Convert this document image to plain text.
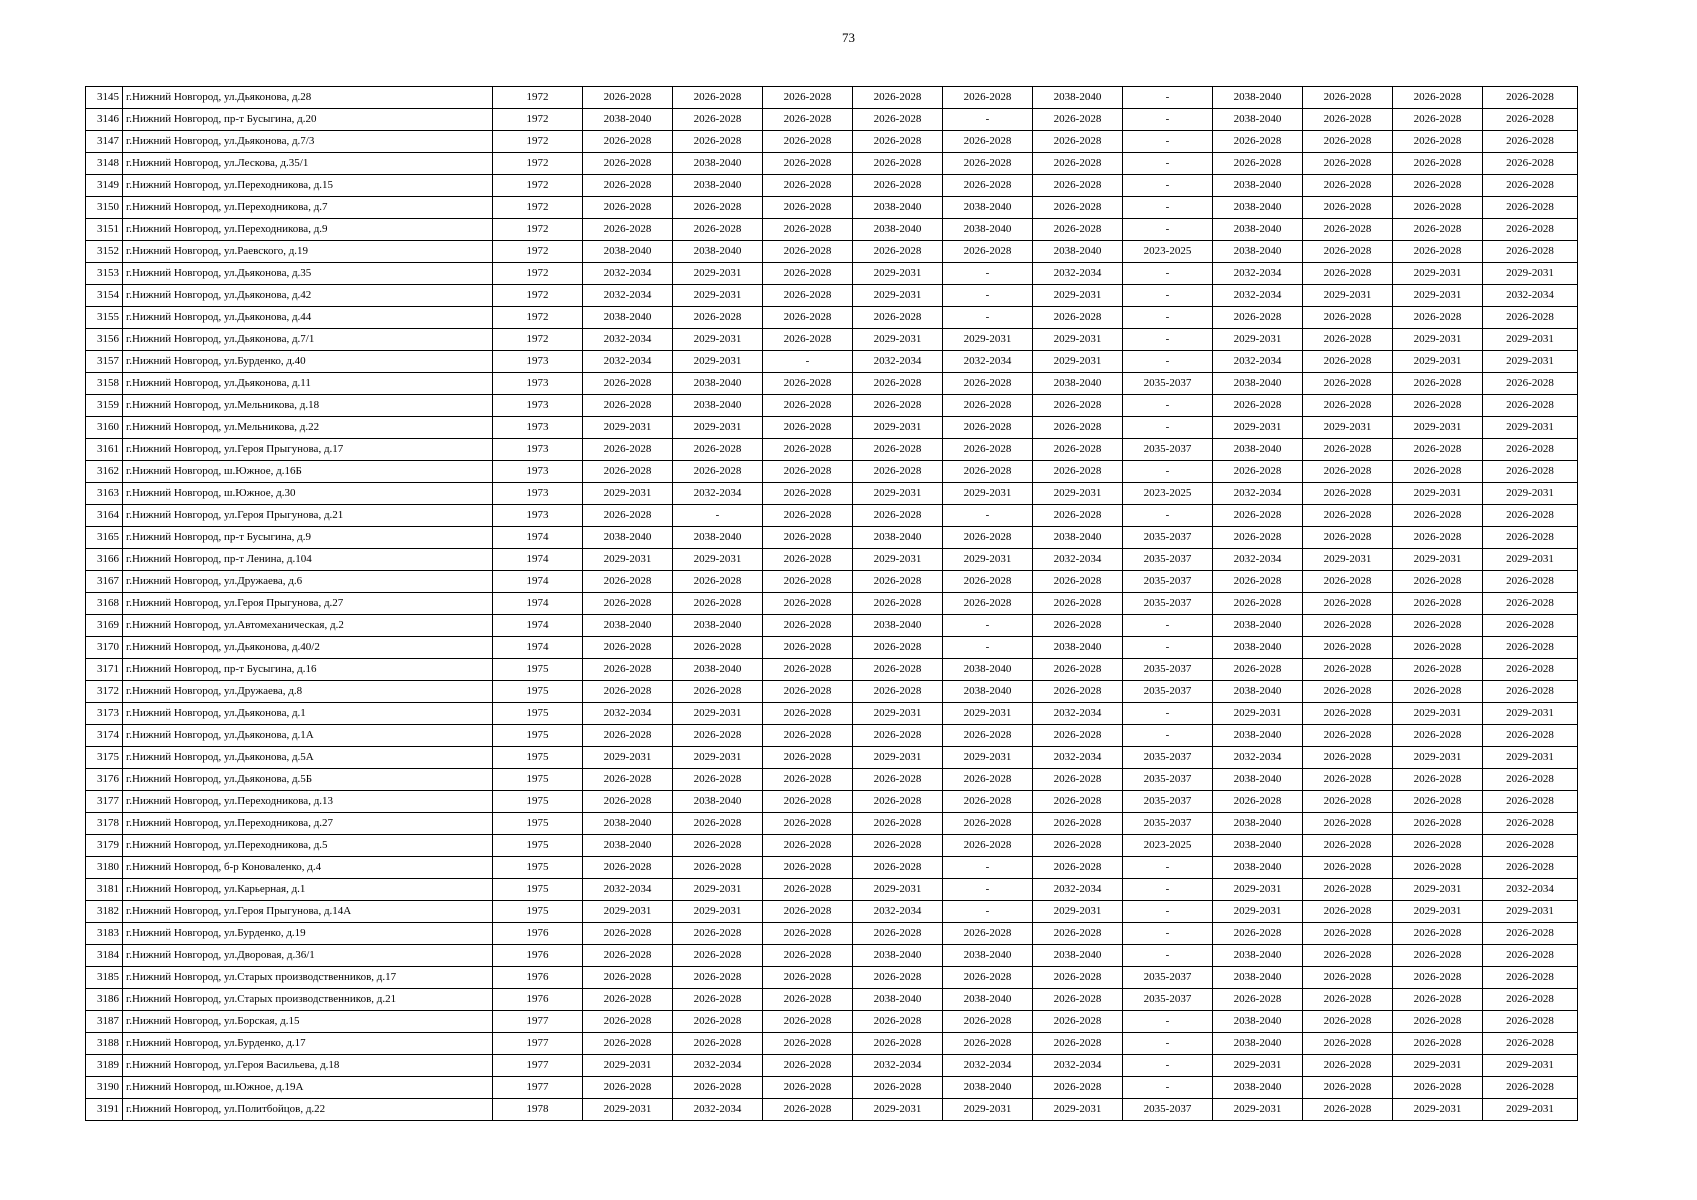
73
3145	г.Нижний Новгород, ул.Дьяконова, д.28	1972	2026-2028	2026-2028	2026-2028	2026-2028	2026-2028	2038-2040	-	2038-2040	2026-2028	2026-2028	2026-2028
3146	г.Нижний Новгород, пр-т Бусыгина, д.20	1972	2038-2040	2026-2028	2026-2028	2026-2028	-	2026-2028	-	2038-2040	2026-2028	2026-2028	2026-2028
3147	г.Нижний Новгород, ул.Дьяконова, д.7/3	1972	2026-2028	2026-2028	2026-2028	2026-2028	2026-2028	2026-2028	-	2026-2028	2026-2028	2026-2028	2026-2028
3148	г.Нижний Новгород, ул.Лескова, д.35/1	1972	2026-2028	2038-2040	2026-2028	2026-2028	2026-2028	2026-2028	-	2026-2028	2026-2028	2026-2028	2026-2028
3149	г.Нижний Новгород, ул.Переходникова, д.15	1972	2026-2028	2038-2040	2026-2028	2026-2028	2026-2028	2026-2028	-	2038-2040	2026-2028	2026-2028	2026-2028
3150	г.Нижний Новгород, ул.Переходникова, д.7	1972	2026-2028	2026-2028	2026-2028	2038-2040	2038-2040	2026-2028	-	2038-2040	2026-2028	2026-2028	2026-2028
3151	г.Нижний Новгород, ул.Переходникова, д.9	1972	2026-2028	2026-2028	2026-2028	2038-2040	2038-2040	2026-2028	-	2038-2040	2026-2028	2026-2028	2026-2028
3152	г.Нижний Новгород, ул.Раевского, д.19	1972	2038-2040	2038-2040	2026-2028	2026-2028	2026-2028	2038-2040	2023-2025	2038-2040	2026-2028	2026-2028	2026-2028
3153	г.Нижний Новгород, ул.Дьяконова, д.35	1972	2032-2034	2029-2031	2026-2028	2029-2031	-	2032-2034	-	2032-2034	2026-2028	2029-2031	2029-2031
3154	г.Нижний Новгород, ул.Дьяконова, д.42	1972	2032-2034	2029-2031	2026-2028	2029-2031	-	2029-2031	-	2032-2034	2029-2031	2029-2031	2032-2034
3155	г.Нижний Новгород, ул.Дьяконова, д.44	1972	2038-2040	2026-2028	2026-2028	2026-2028	-	2026-2028	-	2026-2028	2026-2028	2026-2028	2026-2028
3156	г.Нижний Новгород, ул.Дьяконова, д.7/1	1972	2032-2034	2029-2031	2026-2028	2029-2031	2029-2031	2029-2031	-	2029-2031	2026-2028	2029-2031	2029-2031
3157	г.Нижний Новгород, ул.Бурденко, д.40	1973	2032-2034	2029-2031	-	2032-2034	2032-2034	2029-2031	-	2032-2034	2026-2028	2029-2031	2029-2031
3158	г.Нижний Новгород, ул.Дьяконова, д.11	1973	2026-2028	2038-2040	2026-2028	2026-2028	2026-2028	2038-2040	2035-2037	2038-2040	2026-2028	2026-2028	2026-2028
3159	г.Нижний Новгород, ул.Мельникова, д.18	1973	2026-2028	2038-2040	2026-2028	2026-2028	2026-2028	2026-2028	-	2026-2028	2026-2028	2026-2028	2026-2028
3160	г.Нижний Новгород, ул.Мельникова, д.22	1973	2029-2031	2029-2031	2026-2028	2029-2031	2026-2028	2026-2028	-	2029-2031	2029-2031	2029-2031	2029-2031
3161	г.Нижний Новгород, ул.Героя Прыгунова, д.17	1973	2026-2028	2026-2028	2026-2028	2026-2028	2026-2028	2026-2028	2035-2037	2038-2040	2026-2028	2026-2028	2026-2028
3162	г.Нижний Новгород, ш.Южное, д.16Б	1973	2026-2028	2026-2028	2026-2028	2026-2028	2026-2028	2026-2028	-	2026-2028	2026-2028	2026-2028	2026-2028
3163	г.Нижний Новгород, ш.Южное, д.30	1973	2029-2031	2032-2034	2026-2028	2029-2031	2029-2031	2029-2031	2023-2025	2032-2034	2026-2028	2029-2031	2029-2031
3164	г.Нижний Новгород, ул.Героя Прыгунова, д.21	1973	2026-2028	-	2026-2028	2026-2028	-	2026-2028	-	2026-2028	2026-2028	2026-2028	2026-2028
3165	г.Нижний Новгород, пр-т Бусыгина, д.9	1974	2038-2040	2038-2040	2026-2028	2038-2040	2026-2028	2038-2040	2035-2037	2026-2028	2026-2028	2026-2028	2026-2028
3166	г.Нижний Новгород, пр-т Ленина, д.104	1974	2029-2031	2029-2031	2026-2028	2029-2031	2029-2031	2032-2034	2035-2037	2032-2034	2029-2031	2029-2031	2029-2031
3167	г.Нижний Новгород, ул.Дружаева, д.6	1974	2026-2028	2026-2028	2026-2028	2026-2028	2026-2028	2026-2028	2035-2037	2026-2028	2026-2028	2026-2028	2026-2028
3168	г.Нижний Новгород, ул.Героя Прыгунова, д.27	1974	2026-2028	2026-2028	2026-2028	2026-2028	2026-2028	2026-2028	2035-2037	2026-2028	2026-2028	2026-2028	2026-2028
3169	г.Нижний Новгород, ул.Автомеханическая, д.2	1974	2038-2040	2038-2040	2026-2028	2038-2040	-	2026-2028	-	2038-2040	2026-2028	2026-2028	2026-2028
3170	г.Нижний Новгород, ул.Дьяконова, д.40/2	1974	2026-2028	2026-2028	2026-2028	2026-2028	-	2038-2040	-	2038-2040	2026-2028	2026-2028	2026-2028
3171	г.Нижний Новгород, пр-т Бусыгина, д.16	1975	2026-2028	2038-2040	2026-2028	2026-2028	2038-2040	2026-2028	2035-2037	2026-2028	2026-2028	2026-2028	2026-2028
3172	г.Нижний Новгород, ул.Дружаева, д.8	1975	2026-2028	2026-2028	2026-2028	2026-2028	2038-2040	2026-2028	2035-2037	2038-2040	2026-2028	2026-2028	2026-2028
3173	г.Нижний Новгород, ул.Дьяконова, д.1	1975	2032-2034	2029-2031	2026-2028	2029-2031	2029-2031	2032-2034	-	2029-2031	2026-2028	2029-2031	2029-2031
3174	г.Нижний Новгород, ул.Дьяконова, д.1А	1975	2026-2028	2026-2028	2026-2028	2026-2028	2026-2028	2026-2028	-	2038-2040	2026-2028	2026-2028	2026-2028
3175	г.Нижний Новгород, ул.Дьяконова, д.5А	1975	2029-2031	2029-2031	2026-2028	2029-2031	2029-2031	2032-2034	2035-2037	2032-2034	2026-2028	2029-2031	2029-2031
3176	г.Нижний Новгород, ул.Дьяконова, д.5Б	1975	2026-2028	2026-2028	2026-2028	2026-2028	2026-2028	2026-2028	2035-2037	2038-2040	2026-2028	2026-2028	2026-2028
3177	г.Нижний Новгород, ул.Переходникова, д.13	1975	2026-2028	2038-2040	2026-2028	2026-2028	2026-2028	2026-2028	2035-2037	2026-2028	2026-2028	2026-2028	2026-2028
3178	г.Нижний Новгород, ул.Переходникова, д.27	1975	2038-2040	2026-2028	2026-2028	2026-2028	2026-2028	2026-2028	2035-2037	2038-2040	2026-2028	2026-2028	2026-2028
3179	г.Нижний Новгород, ул.Переходникова, д.5	1975	2038-2040	2026-2028	2026-2028	2026-2028	2026-2028	2026-2028	2023-2025	2038-2040	2026-2028	2026-2028	2026-2028
3180	г.Нижний Новгород, б-р Коноваленко, д.4	1975	2026-2028	2026-2028	2026-2028	2026-2028	-	2026-2028	-	2038-2040	2026-2028	2026-2028	2026-2028
3181	г.Нижний Новгород, ул.Карьерная, д.1	1975	2032-2034	2029-2031	2026-2028	2029-2031	-	2032-2034	-	2029-2031	2026-2028	2029-2031	2032-2034
3182	г.Нижний Новгород, ул.Героя Прыгунова, д.14А	1975	2029-2031	2029-2031	2026-2028	2032-2034	-	2029-2031	-	2029-2031	2026-2028	2029-2031	2029-2031
3183	г.Нижний Новгород, ул.Бурденко, д.19	1976	2026-2028	2026-2028	2026-2028	2026-2028	2026-2028	2026-2028	-	2026-2028	2026-2028	2026-2028	2026-2028
3184	г.Нижний Новгород, ул.Дворовая, д.36/1	1976	2026-2028	2026-2028	2026-2028	2038-2040	2038-2040	2038-2040	-	2038-2040	2026-2028	2026-2028	2026-2028
3185	г.Нижний Новгород, ул.Старых производственников, д.17	1976	2026-2028	2026-2028	2026-2028	2026-2028	2026-2028	2026-2028	2035-2037	2038-2040	2026-2028	2026-2028	2026-2028
3186	г.Нижний Новгород, ул.Старых производственников, д.21	1976	2026-2028	2026-2028	2026-2028	2038-2040	2038-2040	2026-2028	2035-2037	2026-2028	2026-2028	2026-2028	2026-2028
3187	г.Нижний Новгород, ул.Борская, д.15	1977	2026-2028	2026-2028	2026-2028	2026-2028	2026-2028	2026-2028	-	2038-2040	2026-2028	2026-2028	2026-2028
3188	г.Нижний Новгород, ул.Бурденко, д.17	1977	2026-2028	2026-2028	2026-2028	2026-2028	2026-2028	2026-2028	-	2038-2040	2026-2028	2026-2028	2026-2028
3189	г.Нижний Новгород, ул.Героя Васильева, д.18	1977	2029-2031	2032-2034	2026-2028	2032-2034	2032-2034	2032-2034	-	2029-2031	2026-2028	2029-2031	2029-2031
3190	г.Нижний Новгород, ш.Южное, д.19А	1977	2026-2028	2026-2028	2026-2028	2026-2028	2038-2040	2026-2028	-	2038-2040	2026-2028	2026-2028	2026-2028
3191	г.Нижний Новгород, ул.Политбойцов, д.22	1978	2029-2031	2032-2034	2026-2028	2029-2031	2029-2031	2029-2031	2035-2037	2029-2031	2026-2028	2029-2031	2029-2031
